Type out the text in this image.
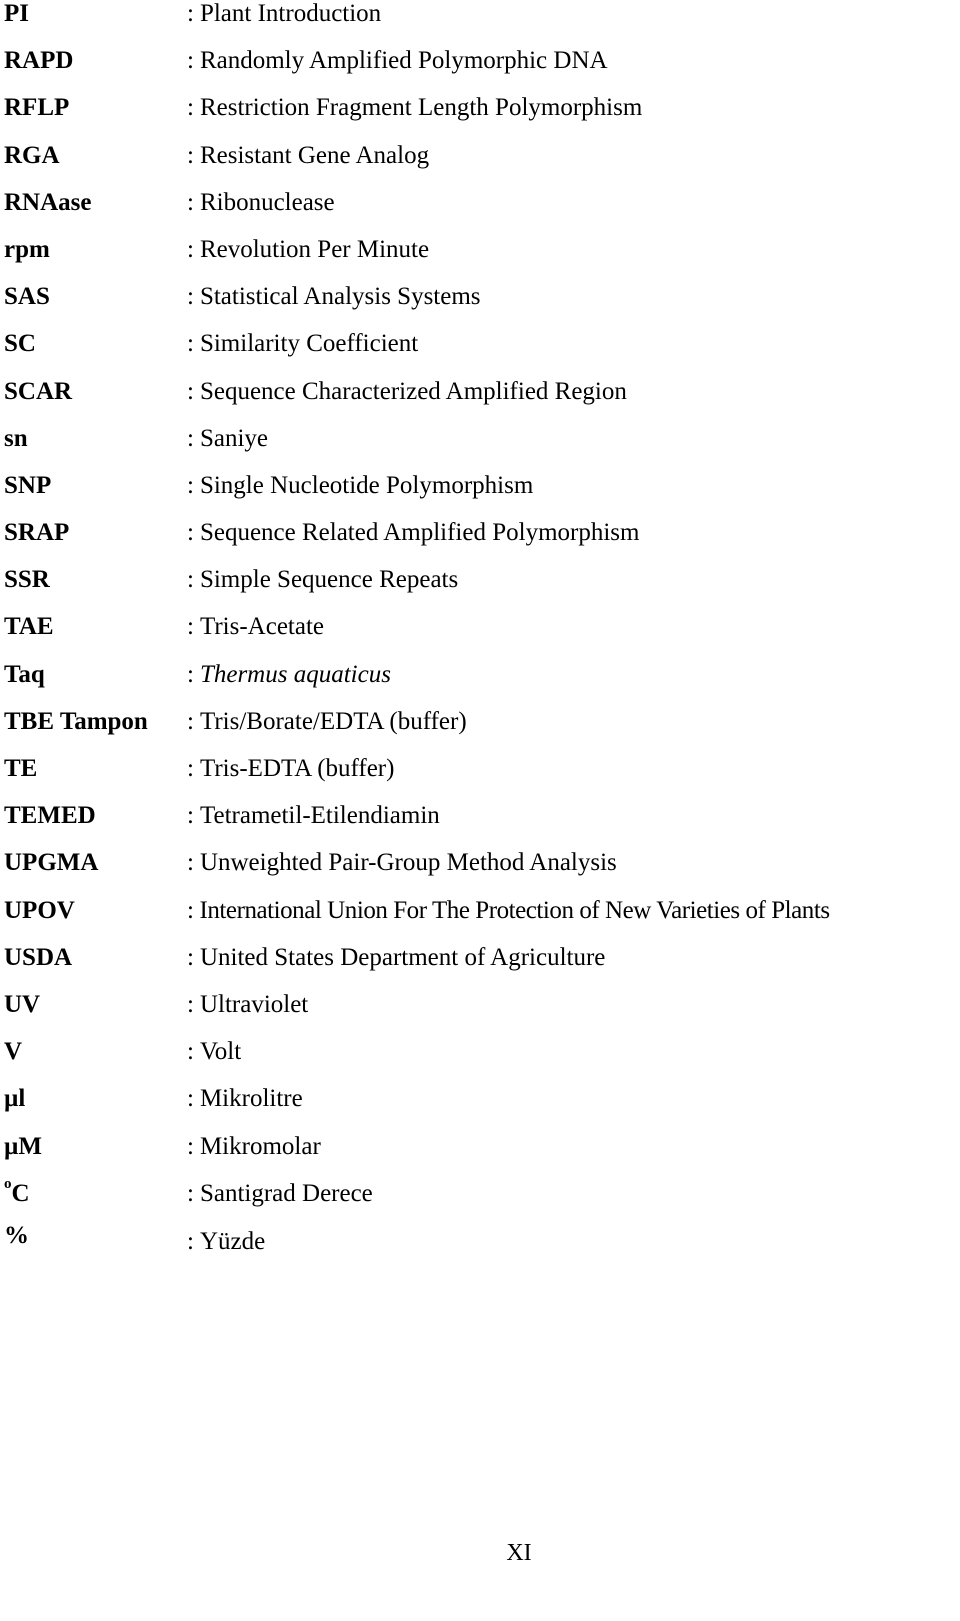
PI	: Plant Introduction
RAPD	: Randomly Amplified Polymorphic DNA
RFLP	: Restriction Fragment Length Polymorphism
RGA	: Resistant Gene Analog
RNAase	: Ribonuclease
rpm	: Revolution Per Minute
SAS	: Statistical Analysis Systems
SC	: Similarity Coefficient
SCAR	: Sequence Characterized Amplified Region
sn	: Saniye
SNP	: Single Nucleotide Polymorphism
SRAP	: Sequence Related Amplified Polymorphism
SSR	: Simple Sequence Repeats
TAE	: Tris-Acetate
Taq	: Thermus aquaticus
TBE Tampon : Tris/Borate/EDTA (buffer)
TE	: Tris-EDTA (buffer)
TEMED	: Tetrametil-Etilendiamin
UPGMA	: Unweighted Pair-Group Method Analysis
UPOV	: International Union For The Protection of New Varieties of Plants
USDA	: United States Department of Agriculture
UV	: Ultraviolet
V	: Volt
µl	: Mikrolitre
µM	: Mikromolar
$^o$C	: Santigrad Derece
%	: Yüzde
XI
